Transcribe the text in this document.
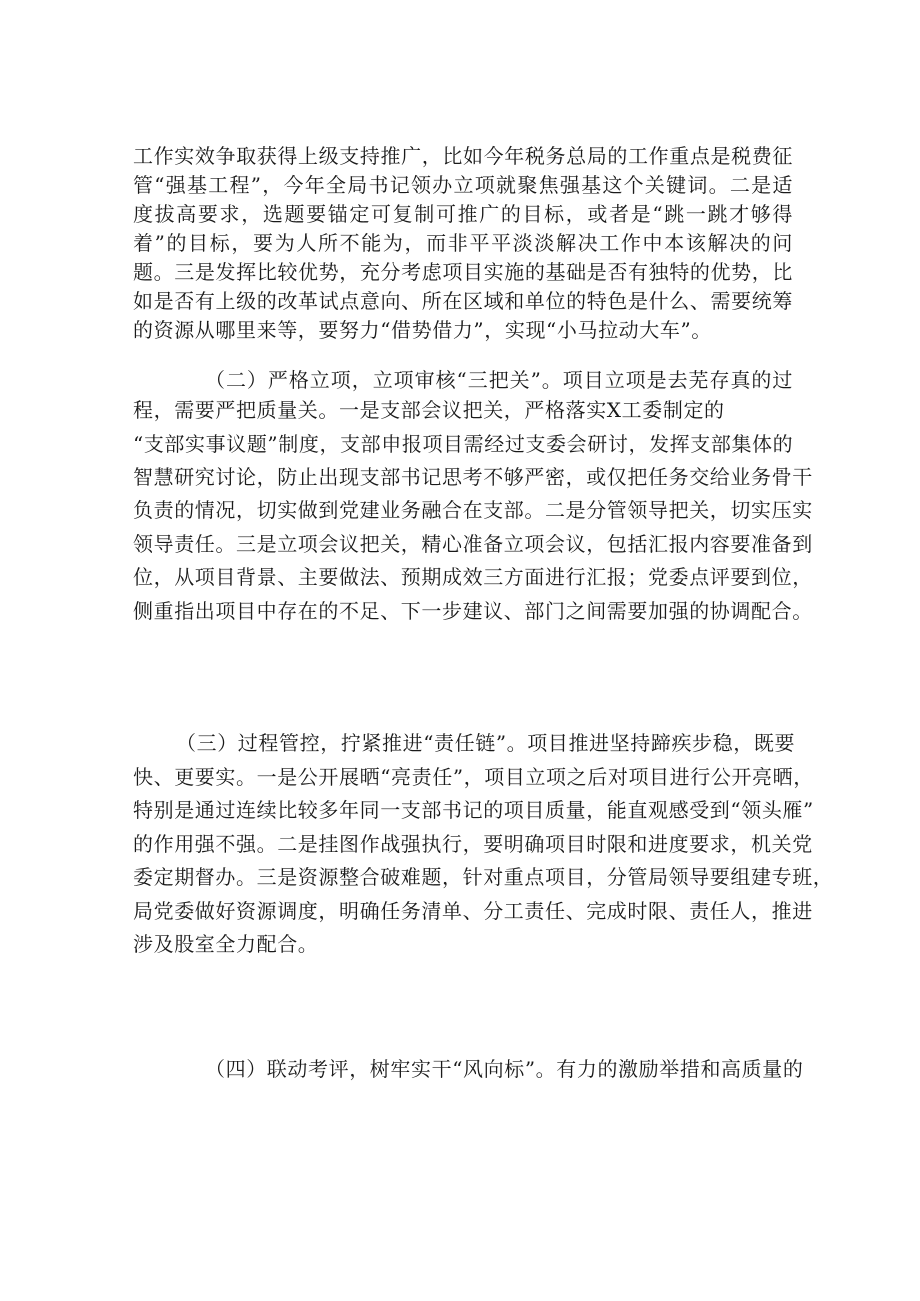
工作实效争取获得上级支持推广，比如今年税务总局的工作重点是税费征
管“强基工程”，今年全局书记领办立项就聚焦强基这个关键词。二是适
度拔高要求，选题要锚定可复制可推广的目标，或者是“跳一跳才够得
着”的目标，要为人所不能为，而非平平淡淡解决工作中本该解决的问
题。三是发挥比较优势，充分考虑项目实施的基础是否有独特的优势，比
如是否有上级的改革试点意向、所在区域和单位的特色是什么、需要统筹
的资源从哪里来等，要努力“借势借力”，实现“小马拉动大车”。
（二）严格立项，立项审核“三把关”。项目立项是去芜存真的过
程，需要严把质量关。一是支部会议把关，严格落实X工委制定的
“支部实事议题”制度，支部申报项目需经过支委会研讨，发挥支部集体的
智慧研究讨论，防止出现支部书记思考不够严密，或仅把任务交给业务骨干
负责的情况，切实做到党建业务融合在支部。二是分管领导把关，切实压实
领导责任。三是立项会议把关，精心准备立项会议，包括汇报内容要准备到
位，从项目背景、主要做法、预期成效三方面进行汇报；党委点评要到位，
侧重指出项目中存在的不足、下一步建议、部门之间需要加强的协调配合。
（三）过程管控，拧紧推进“责任链”。项目推进坚持蹄疾步稳，既要
快、更要实。一是公开展晒“亮责任”，项目立项之后对项目进行公开亮晒，
特别是通过连续比较多年同一支部书记的项目质量，能直观感受到“领头雁”
的作用强不强。二是挂图作战强执行，要明确项目时限和进度要求，机关党
委定期督办。三是资源整合破难题，针对重点项目，分管局领导要组建专班，
局党委做好资源调度，明确任务清单、分工责任、完成时限、责任人，推进
涉及股室全力配合。
（四）联动考评，树牢实干“风向标”。有力的激励举措和高质量的
